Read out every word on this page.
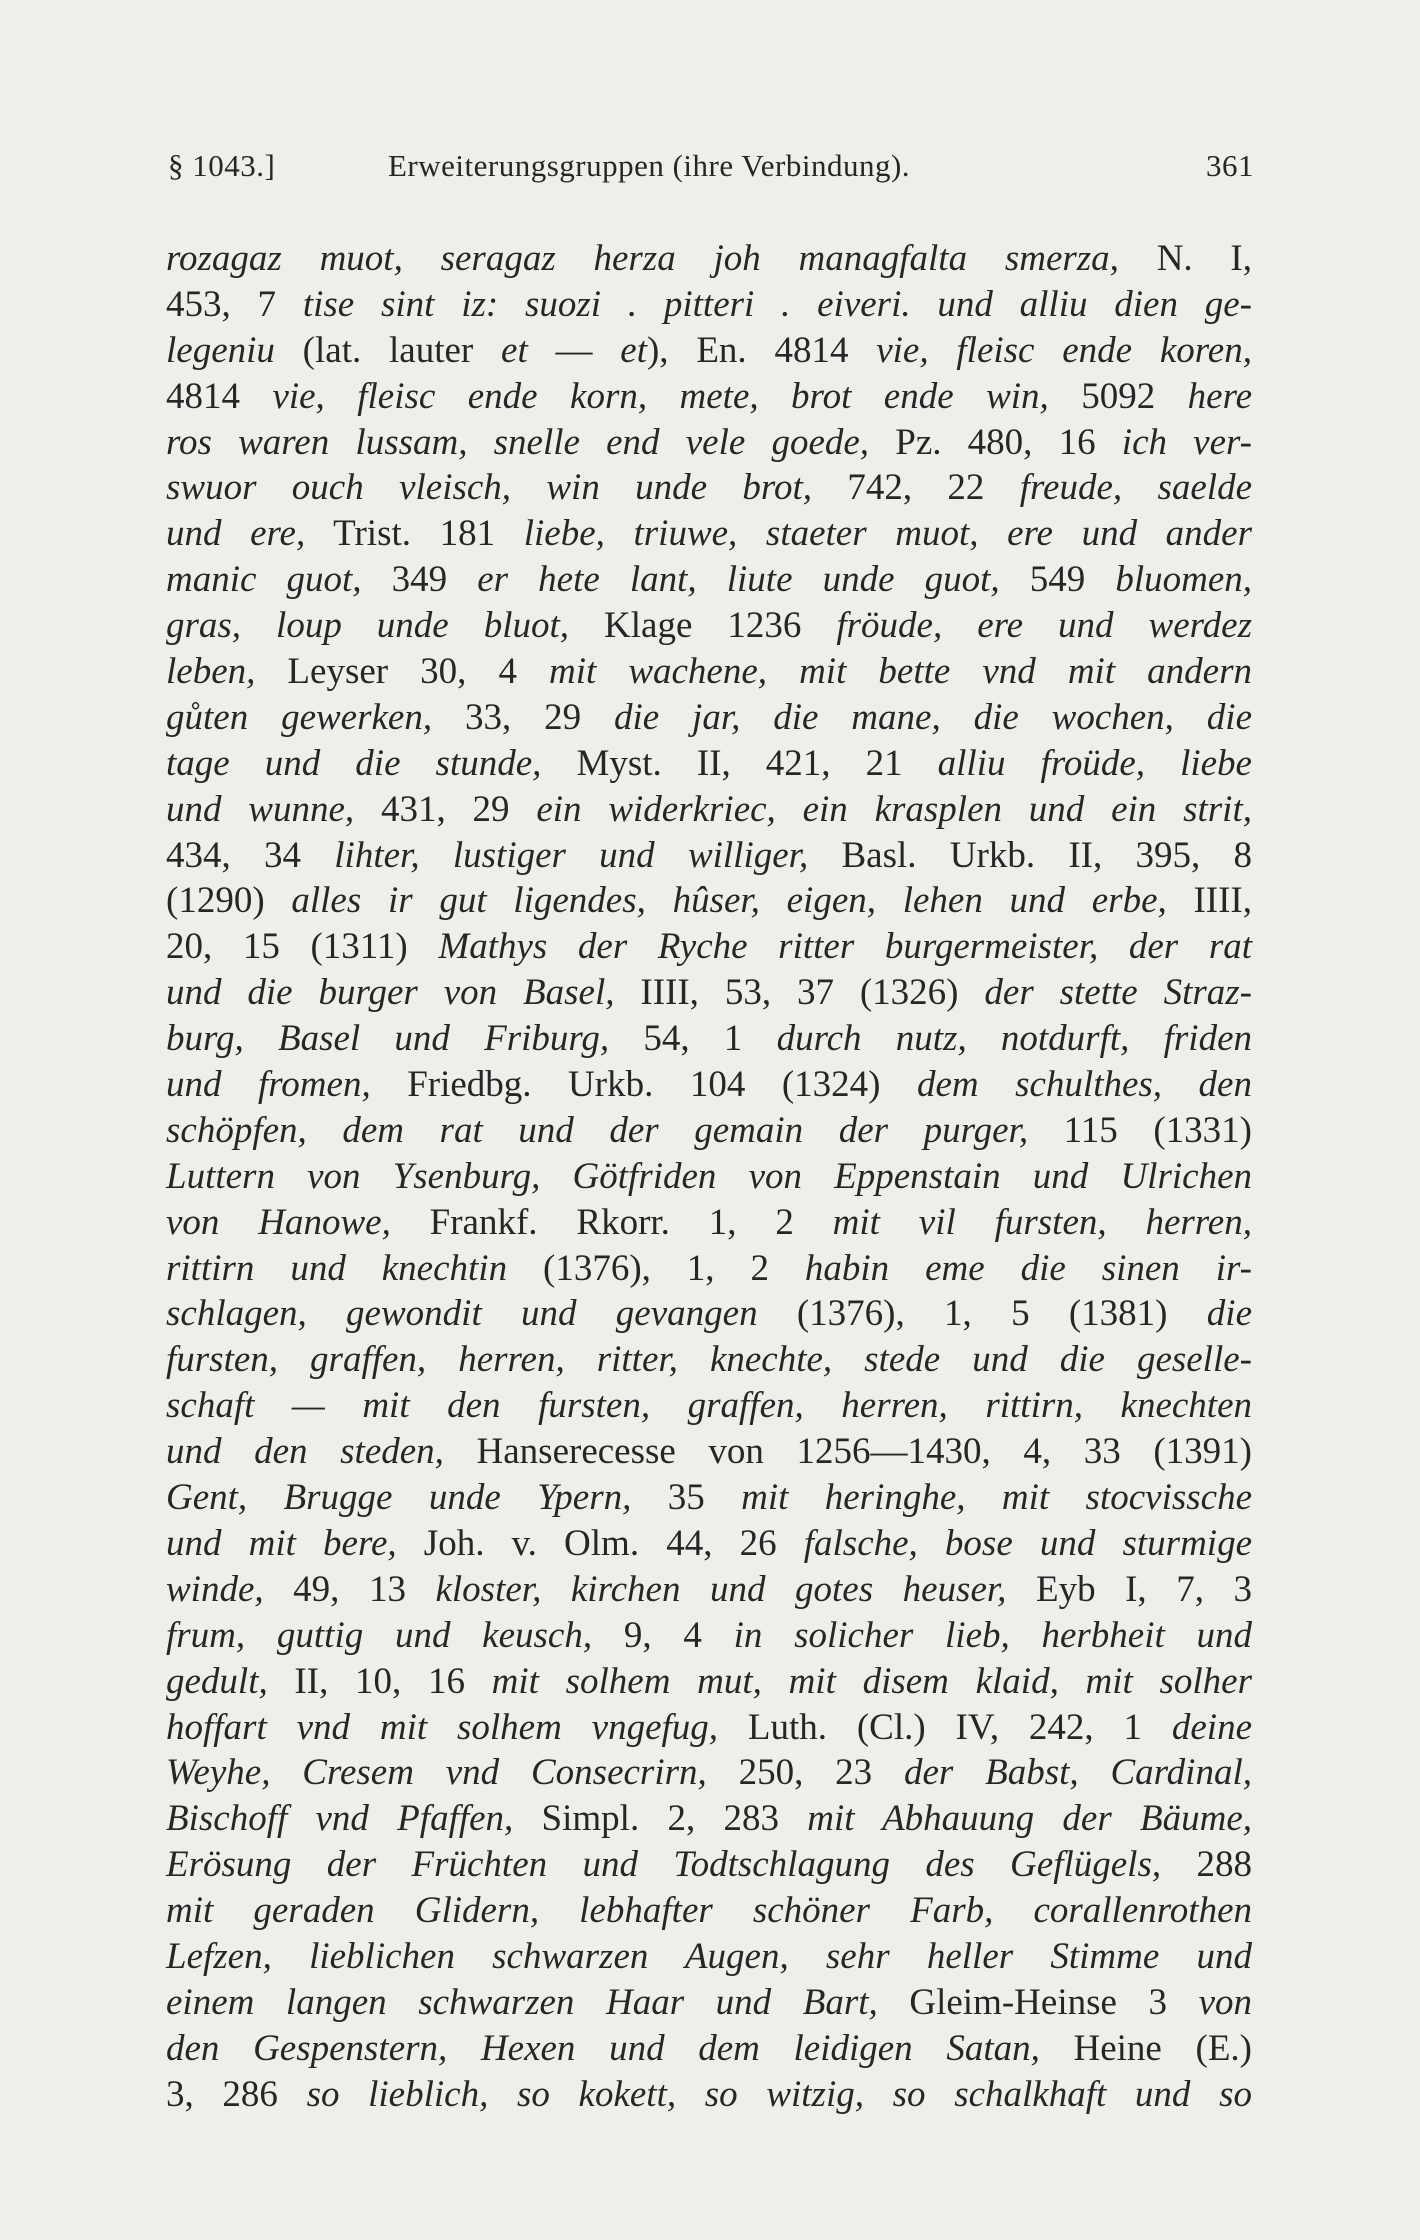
§ 1043.]	Erweiterungsgruppen (ihre Verbindung).	361
rozagaz muot, seragaz herza joh managfalta smerza, N. I,
453, 7 tise sint iz: suozi . pitteri . eiveri. und alliu dien ge-
legeniu (lat. lauter et — et), En. 4814 vie, fleisc ende koren,
4814 vie, fleisc ende korn, mete, brot ende win, 5092 here
ros waren lussam, snelle end vele goede, Pz. 480, 16 ich ver-
swuor ouch vleisch, win unde brot, 742, 22 freude, saelde
und ere, Trist. 181 liebe, triuwe, staeter muot, ere und ander
manic guot, 349 er hete lant, liute unde guot, 549 bluomen,
gras, loup unde bluot, Klage 1236 fröude, ere und werdez
leben, Leyser 30, 4 mit wachene, mit bette vnd mit andern
gůten gewerken, 33, 29 die jar, die mane, die wochen, die
tage und die stunde, Myst. II, 421, 21 alliu froüde, liebe
und wunne, 431, 29 ein widerkriec, ein krasplen und ein strit,
434, 34 lihter, lustiger und williger, Basl. Urkb. II, 395, 8
(1290) alles ir gut ligendes, hûser, eigen, lehen und erbe, IIII,
20, 15 (1311) Mathys der Ryche ritter burgermeister, der rat
und die burger von Basel, IIII, 53, 37 (1326) der stette Straz-
burg, Basel und Friburg, 54, 1 durch nutz, notdurft, friden
und fromen, Friedbg. Urkb. 104 (1324) dem schulthes, den
schöpfen, dem rat und der gemain der purger, 115 (1331)
Luttern von Ysenburg, Götfriden von Eppenstain und Ulrichen
von Hanowe, Frankf. Rkorr. 1, 2 mit vil fursten, herren,
rittirn und knechtin (1376), 1, 2 habin eme die sinen ir-
schlagen, gewondit und gevangen (1376), 1, 5 (1381) die
fursten, graffen, herren, ritter, knechte, stede und die geselle-
schaft — mit den fursten, graffen, herren, rittirn, knechten
und den steden, Hanserecesse von 1256—1430, 4, 33 (1391)
Gent, Brugge unde Ypern, 35 mit heringhe, mit stocvissche
und mit bere, Joh. v. Olm. 44, 26 falsche, bose und sturmige
winde, 49, 13 kloster, kirchen und gotes heuser, Eyb I, 7, 3
frum, guttig und keusch, 9, 4 in solicher lieb, herbheit und
gedult, II, 10, 16 mit solhem mut, mit disem klaid, mit solher
hoffart vnd mit solhem vngefug, Luth. (Cl.) IV, 242, 1 deine
Weyhe, Cresem vnd Consecrirn, 250, 23 der Babst, Cardinal,
Bischoff vnd Pfaffen, Simpl. 2, 283 mit Abhauung der Bäume,
Erösung der Früchten und Todtschlagung des Geflügels, 288
mit geraden Glidern, lebhafter schöner Farb, corallenrothen
Lefzen, lieblichen schwarzen Augen, sehr heller Stimme und
einem langen schwarzen Haar und Bart, Gleim-Heinse 3 von
den Gespenstern, Hexen und dem leidigen Satan, Heine (E.)
3, 286 so lieblich, so kokett, so witzig, so schalkhaft und so
